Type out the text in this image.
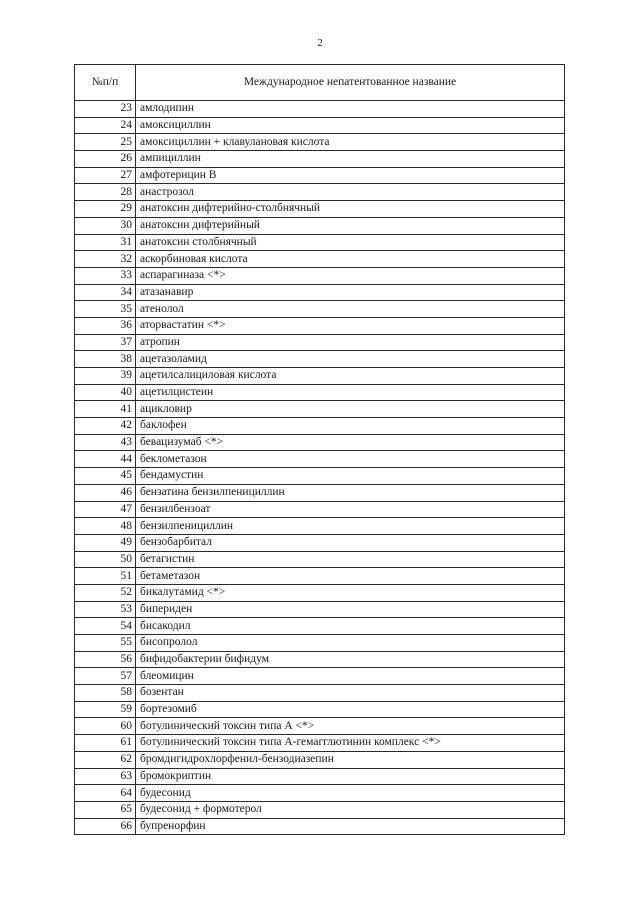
2
№п/п	Международное непатентованное название
23	амлодипин
24	амоксициллин
25	амоксициллин + клавулановая кислота
26	ампициллин
27	амфотерицин В
28	анастрозол
29	анатоксин дифтерийно-столбнячный
30	анатоксин дифтерийный
31	анатоксин столбнячный
32	аскорбиновая кислота
33	аспарагиназа <*>
34	атазанавир
35	атенолол
36	аторвастатин <*>
37	атропин
38	ацетазоламид
39	ацетилсалициловая кислота
40	ацетилцистеин
41	ацикловир
42	баклофен
43	бевацизумаб <*>
44	беклометазон
45	бендамустин
46	бензатина бензилпенициллин
47	бензилбензоат
48	бензилпенициллин
49	бензобарбитал
50	бетагистин
51	бетаметазон
52	бикалутамид <*>
53	бипериден
54	бисакодил
55	бисопролол
56	бифидобактерии бифидум
57	блеомицин
58	бозентан
59	бортезомиб
60	ботулинический токсин типа А <*>
61	ботулинический токсин типа А-гемагглютинин комплекс <*>
62	бромдигидрохлорфенил-бензодиазепин
63	бромокриптин
64	будесонид
65	будесонид + формотерол
66	бупренорфин
